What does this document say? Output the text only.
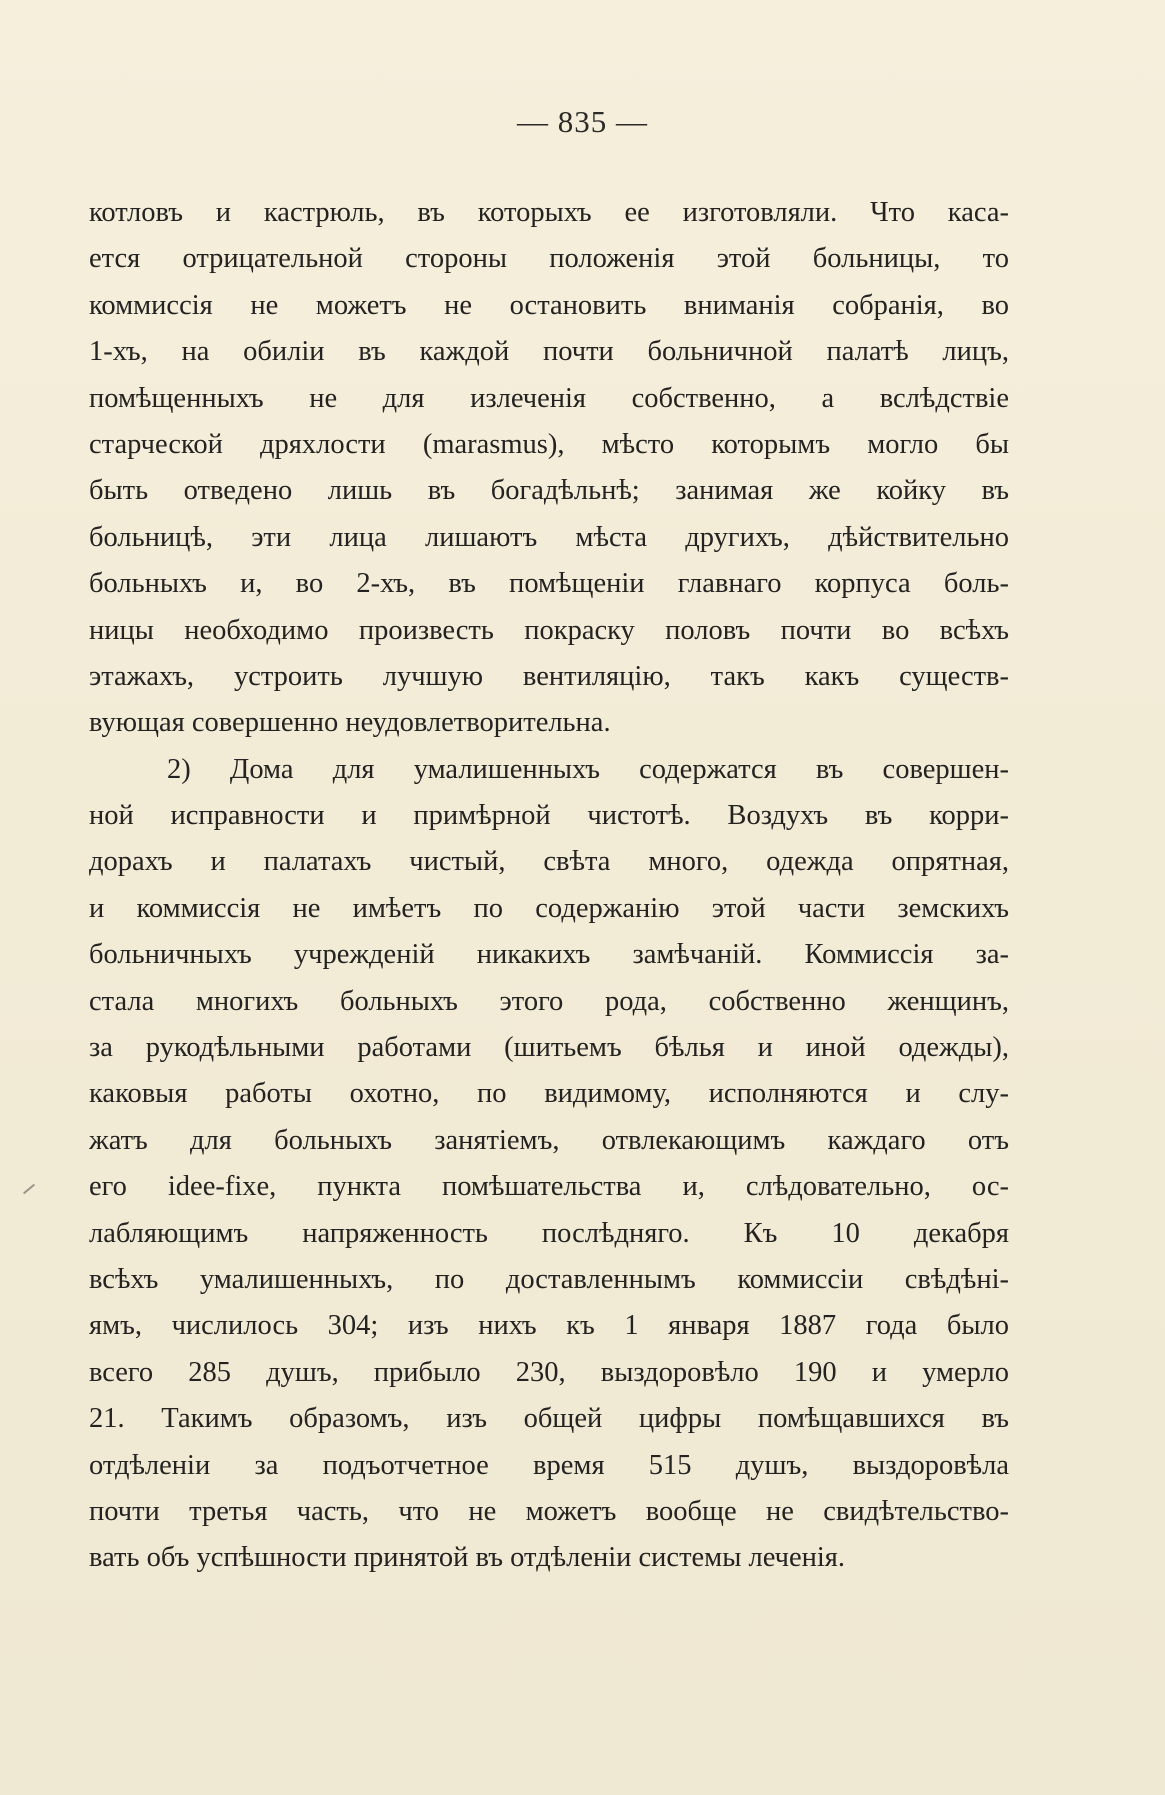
— 835 —
котловъ и кастрюль, въ которыхъ ее изготовляли. Что каса-
ется отрицательной стороны положенія этой больницы, то
коммиссія не можетъ не остановить вниманія собранія, во
1-хъ, на обиліи въ каждой почти больничной палатѣ лицъ,
помѣщенныхъ не для излеченія собственно, а вслѣдствіе
старческой дряхлости (marasmus), мѣсто которымъ могло бы
быть отведено лишь въ богадѣльнѣ; занимая же койку въ
больницѣ, эти лица лишаютъ мѣста другихъ, дѣйствительно
больныхъ и, во 2-хъ, въ помѣщеніи главнаго корпуса боль-
ницы необходимо произвесть покраску половъ почти во всѣхъ
этажахъ, устроить лучшую вентиляцію, такъ какъ существ-
вующая совершенно неудовлетворительна.
2) Дома для умалишенныхъ содержатся въ совершен-
ной исправности и примѣрной чистотѣ. Воздухъ въ корри-
дорахъ и палатахъ чистый, свѣта много, одежда опрятная,
и коммиссія не имѣетъ по содержанію этой части земскихъ
больничныхъ учрежденій никакихъ замѣчаній. Коммиссія за-
стала многихъ больныхъ этого рода, собственно женщинъ,
за рукодѣльными работами (шитьемъ бѣлья и иной одежды),
каковыя работы охотно, по видимому, исполняются и слу-
жатъ для больныхъ занятіемъ, отвлекающимъ каждаго отъ
его idee-fixe, пункта помѣшательства и, слѣдовательно, ос-
лабляющимъ напряженность послѣдняго. Къ 10 декабря
всѣхъ умалишенныхъ, по доставленнымъ коммиссіи свѣдѣні-
ямъ, числилось 304; изъ нихъ къ 1 января 1887 года было
всего 285 душъ, прибыло 230, выздоровѣло 190 и умерло
21. Такимъ образомъ, изъ общей цифры помѣщавшихся въ
отдѣленіи за подъотчетное время 515 душъ, выздоровѣла
почти третья часть, что не можетъ вообще не свидѣтельство-
вать объ успѣшности принятой въ отдѣленіи системы леченія.
